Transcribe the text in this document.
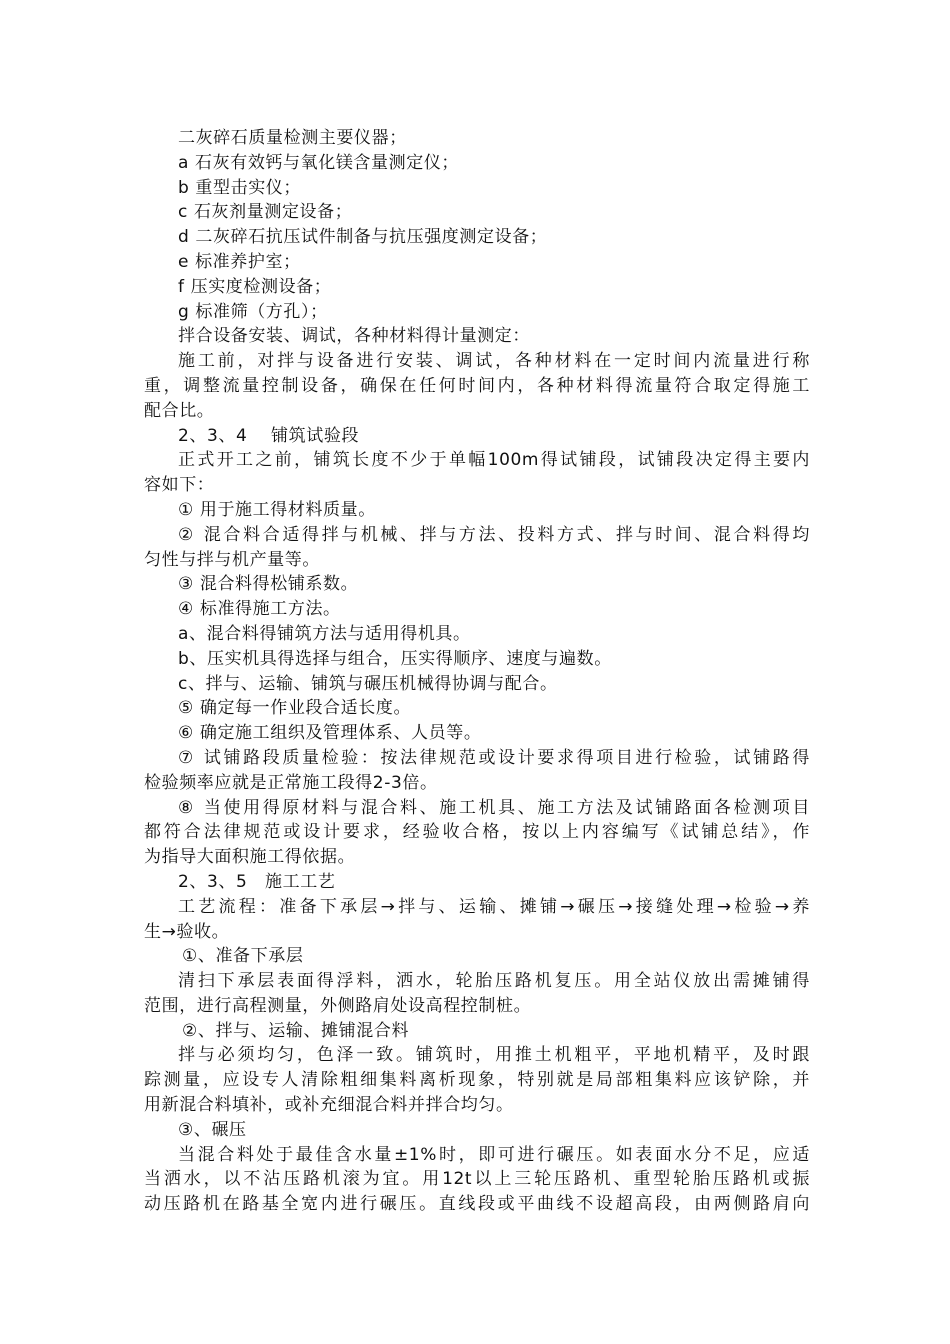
二灰碎石质量检测主要仪器；
a 石灰有效钙与氧化镁含量测定仪；
b 重型击实仪；
c 石灰剂量测定设备；
d 二灰碎石抗压试件制备与抗压强度测定设备；
e 标准养护室；
f 压实度检测设备；
g 标准筛（方孔）；
拌合设备安装、调试，各种材料得计量测定：
施工前，对拌与设备进行安装、调试，各种材料在一定时间内流量进行称
重，调整流量控制设备，确保在任何时间内，各种材料得流量符合取定得施工
配合比。
2、3、4　 铺筑试验段
正式开工之前，铺筑长度不少于单幅100m得试铺段，试铺段决定得主要内
容如下：
① 用于施工得材料质量。
② 混合料合适得拌与机械、拌与方法、投料方式、拌与时间、混合料得均
匀性与拌与机产量等。
③ 混合料得松铺系数。
④ 标准得施工方法。
a、混合料得铺筑方法与适用得机具。
b、压实机具得选择与组合，压实得顺序、速度与遍数。
c、拌与、运输、铺筑与碾压机械得协调与配合。
⑤ 确定每一作业段合适长度。
⑥ 确定施工组织及管理体系、人员等。
⑦ 试铺路段质量检验：按法律规范或设计要求得项目进行检验，试铺路得
检验频率应就是正常施工段得2-3倍。
⑧ 当使用得原材料与混合料、施工机具、施工方法及试铺路面各检测项目
都符合法律规范或设计要求，经验收合格，按以上内容编写《试铺总结》，作
为指导大面积施工得依据。
2、3、5　施工工艺
工艺流程：准备下承层→拌与、运输、摊铺→碾压→接缝处理→检验→养
生→验收。
①、准备下承层
清扫下承层表面得浮料，洒水，轮胎压路机复压。用全站仪放出需摊铺得
范围，进行高程测量，外侧路肩处设高程控制桩。
②、拌与、运输、摊铺混合料
拌与必须均匀，色泽一致。铺筑时，用推土机粗平，平地机精平，及时跟
踪测量，应设专人清除粗细集料离析现象，特别就是局部粗集料应该铲除，并
用新混合料填补，或补充细混合料并拌合均匀。
③、碾压
当混合料处于最佳含水量±1%时，即可进行碾压。如表面水分不足，应适
当洒水，以不沾压路机滚为宜。用12t以上三轮压路机、重型轮胎压路机或振
动压路机在路基全宽内进行碾压。直线段或平曲线不设超高段，由两侧路肩向
